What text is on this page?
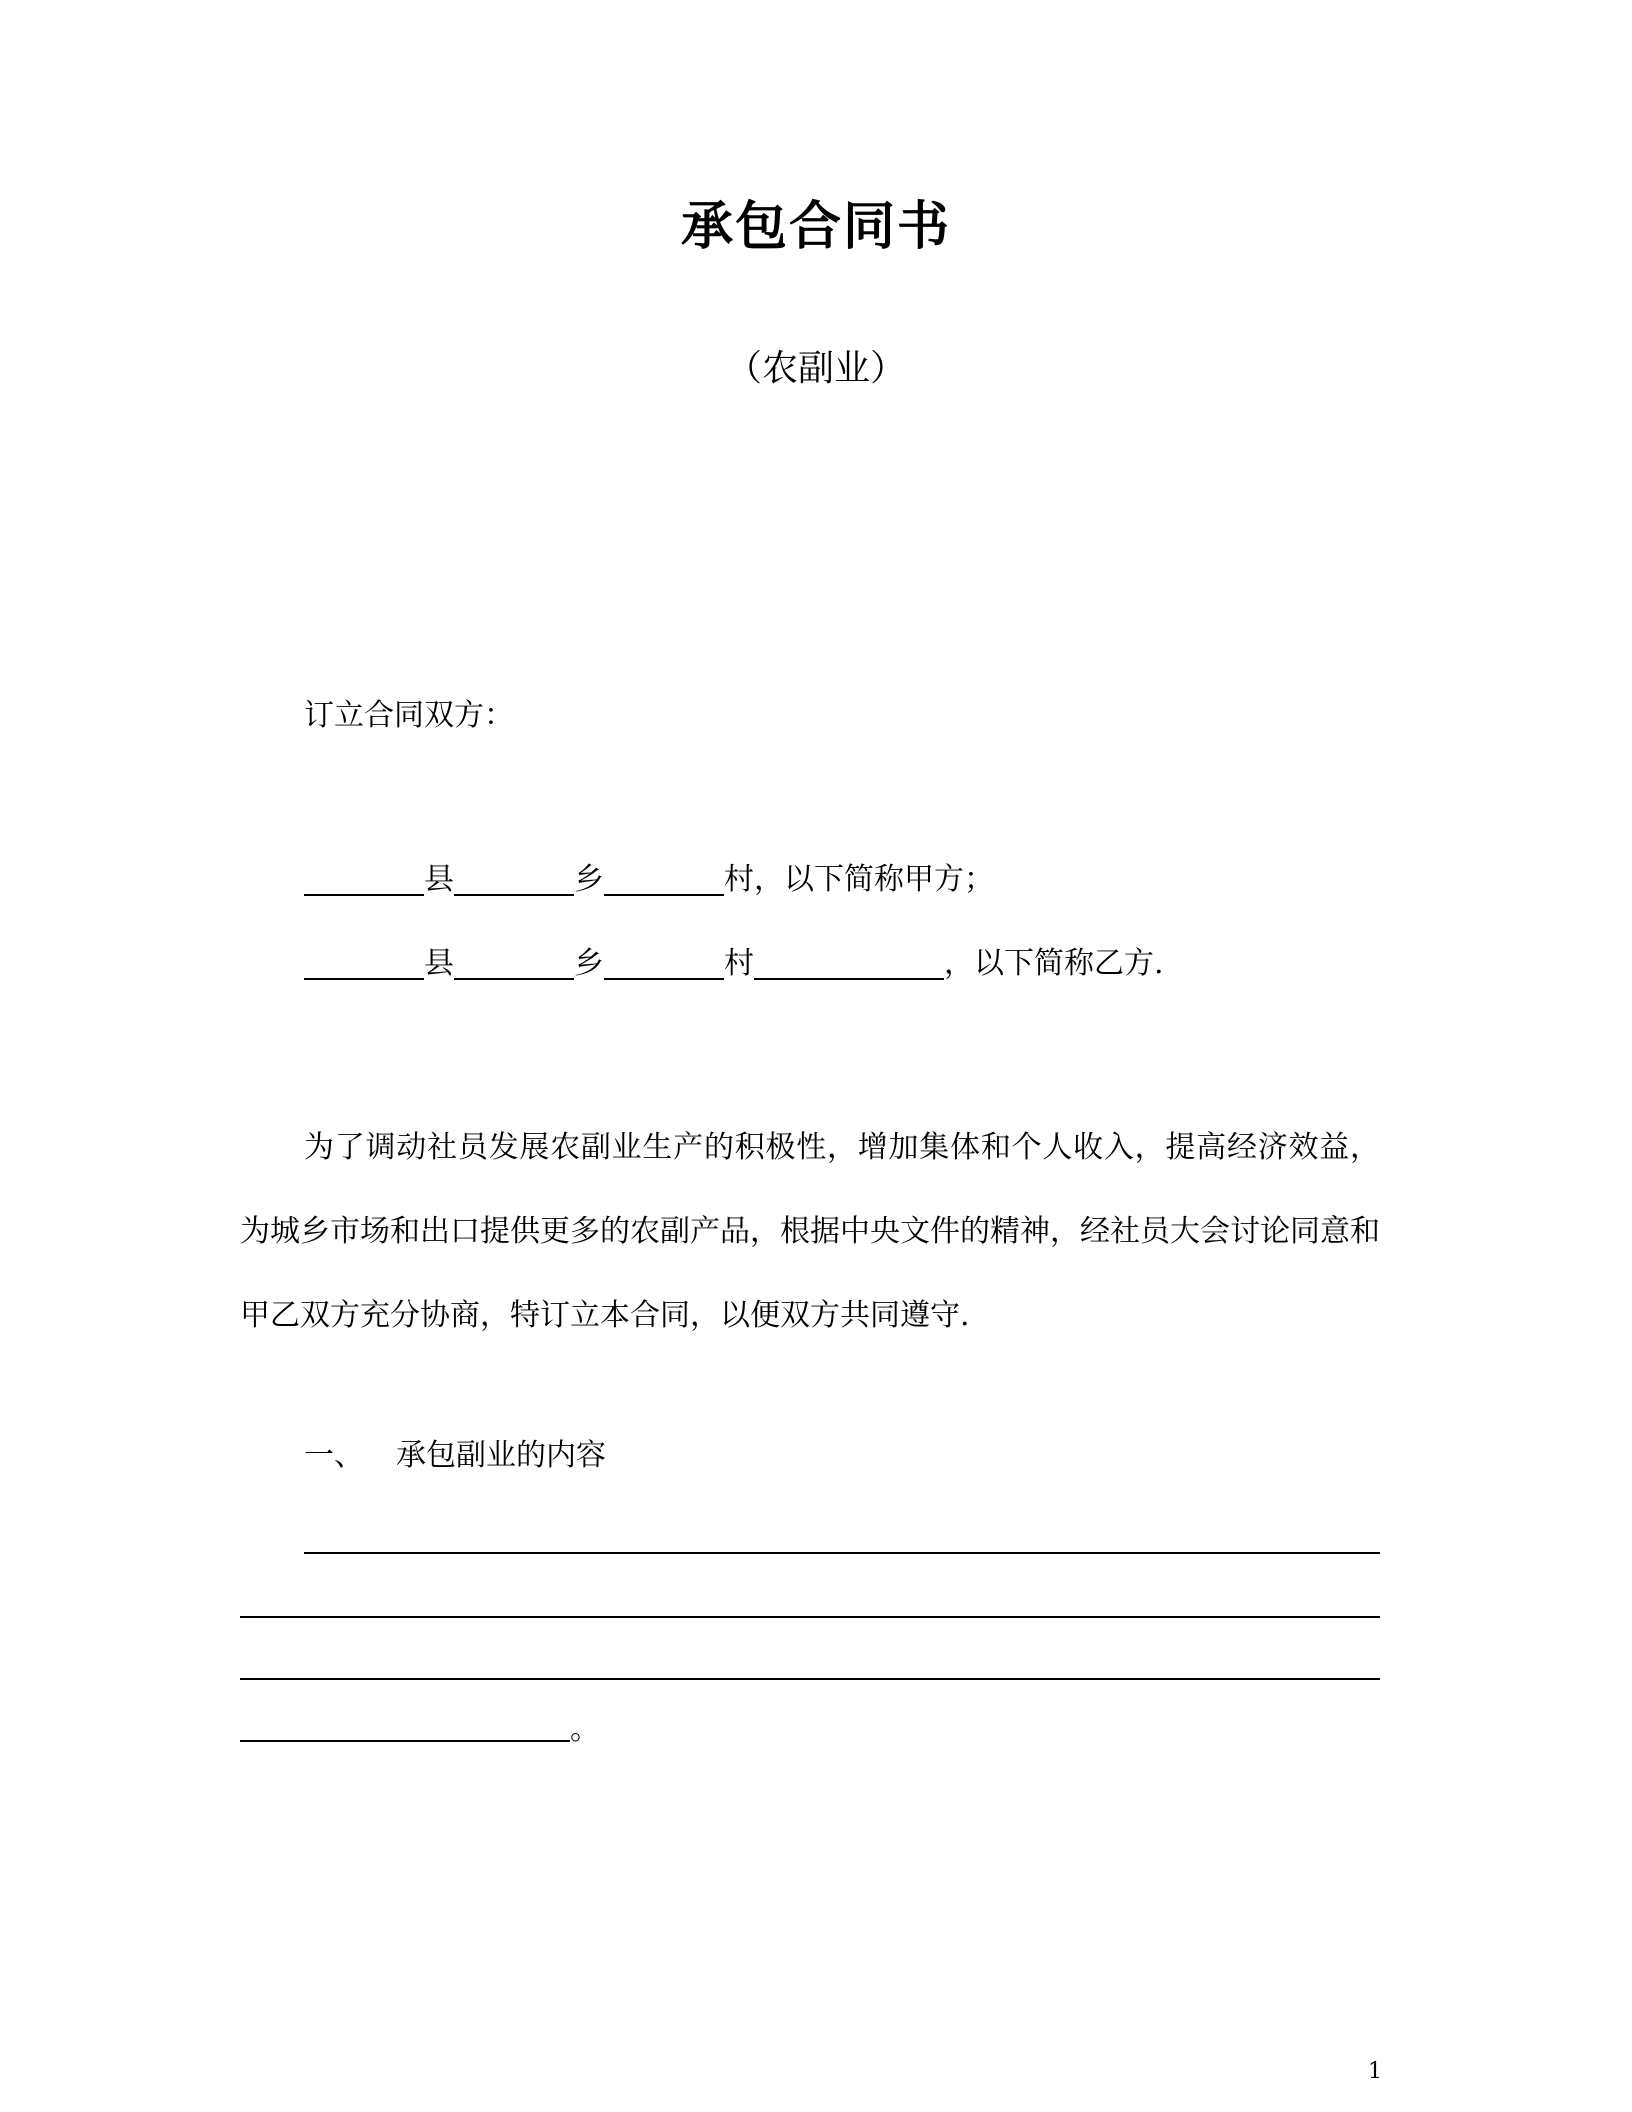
承包合同书
（农副业）
订立合同双方：
县	乡	村 ，以下简称甲方；
县	乡	村	，以下简称乙方.
为了调动社员发展农副业生产的积极性，增加集体和个人收入，提高经济效益，为城乡市场和出口提供更多的农副产品，根据中央文件的精神，经社员大会讨论同意和甲乙双方充分协商，特订立本合同，以便双方共同遵守.
一、 承包副业的内容
。
1
